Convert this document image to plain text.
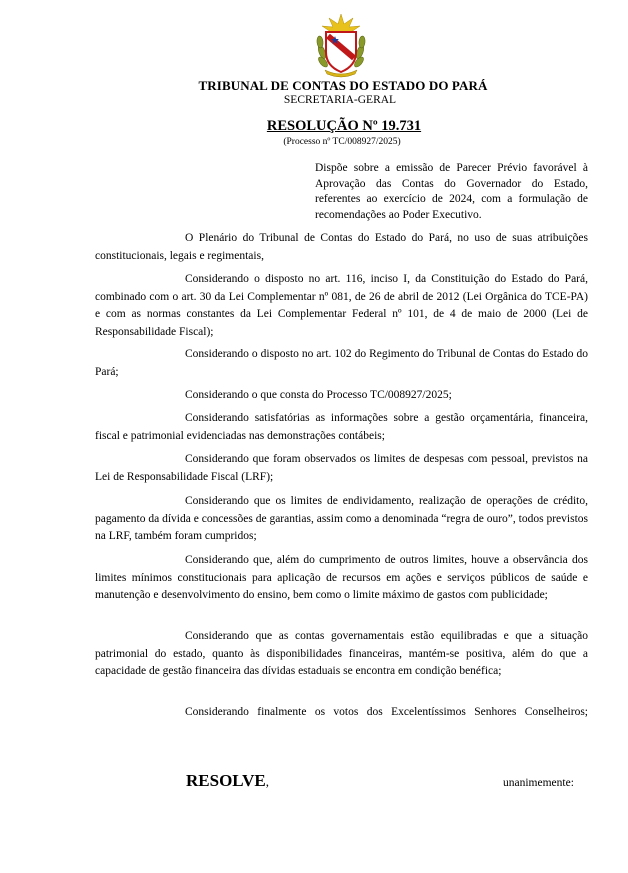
TRIBUNAL DE CONTAS DO ESTADO DO PARÁ
SECRETARIA-GERAL
RESOLUÇÃO Nº 19.731
(Processo nº TC/008927/2025)
Dispõe sobre a emissão de Parecer Prévio favorável à Aprovação das Contas do Governador do Estado, referentes ao exercício de 2024, com a formulação de recomendações ao Poder Executivo.

O Plenário do Tribunal de Contas do Estado do Pará, no uso de suas atribuições constitucionais, legais e regimentais,

Considerando o disposto no art. 116, inciso I, da Constituição do Estado do Pará, combinado com o art. 30 da Lei Complementar nº 081, de 26 de abril de 2012 (Lei Orgânica do TCE-PA) e com as normas constantes da Lei Complementar Federal nº 101, de 4 de maio de 2000 (Lei de Responsabilidade Fiscal);

Considerando o disposto no art. 102 do Regimento do Tribunal de Contas do Estado do Pará;

Considerando o que consta do Processo TC/008927/2025;

Considerando satisfatórias as informações sobre a gestão orçamentária, financeira, fiscal e patrimonial evidenciadas nas demonstrações contábeis;

Considerando que foram observados os limites de despesas com pessoal, previstos na Lei de Responsabilidade Fiscal (LRF);

Considerando que os limites de endividamento, realização de operações de crédito, pagamento da dívida e concessões de garantias, assim como a denominada “regra de ouro”, todos previstos na LRF, também foram cumpridos;

Considerando que, além do cumprimento de outros limites, houve a observância dos limites mínimos constitucionais para aplicação de recursos em ações e serviços públicos de saúde e manutenção e desenvolvimento do ensino, bem como o limite máximo de gastos com publicidade;

Considerando que as contas governamentais estão equilibradas e que a situação patrimonial do estado, quanto às disponibilidades financeiras, mantém-se positiva, além do que a capacidade de gestão financeira das dívidas estaduais se encontra em condição benéfica;

Considerando finalmente os votos dos Excelentíssimos Senhores Conselheiros;

RESOLVE,	unanimemente:
